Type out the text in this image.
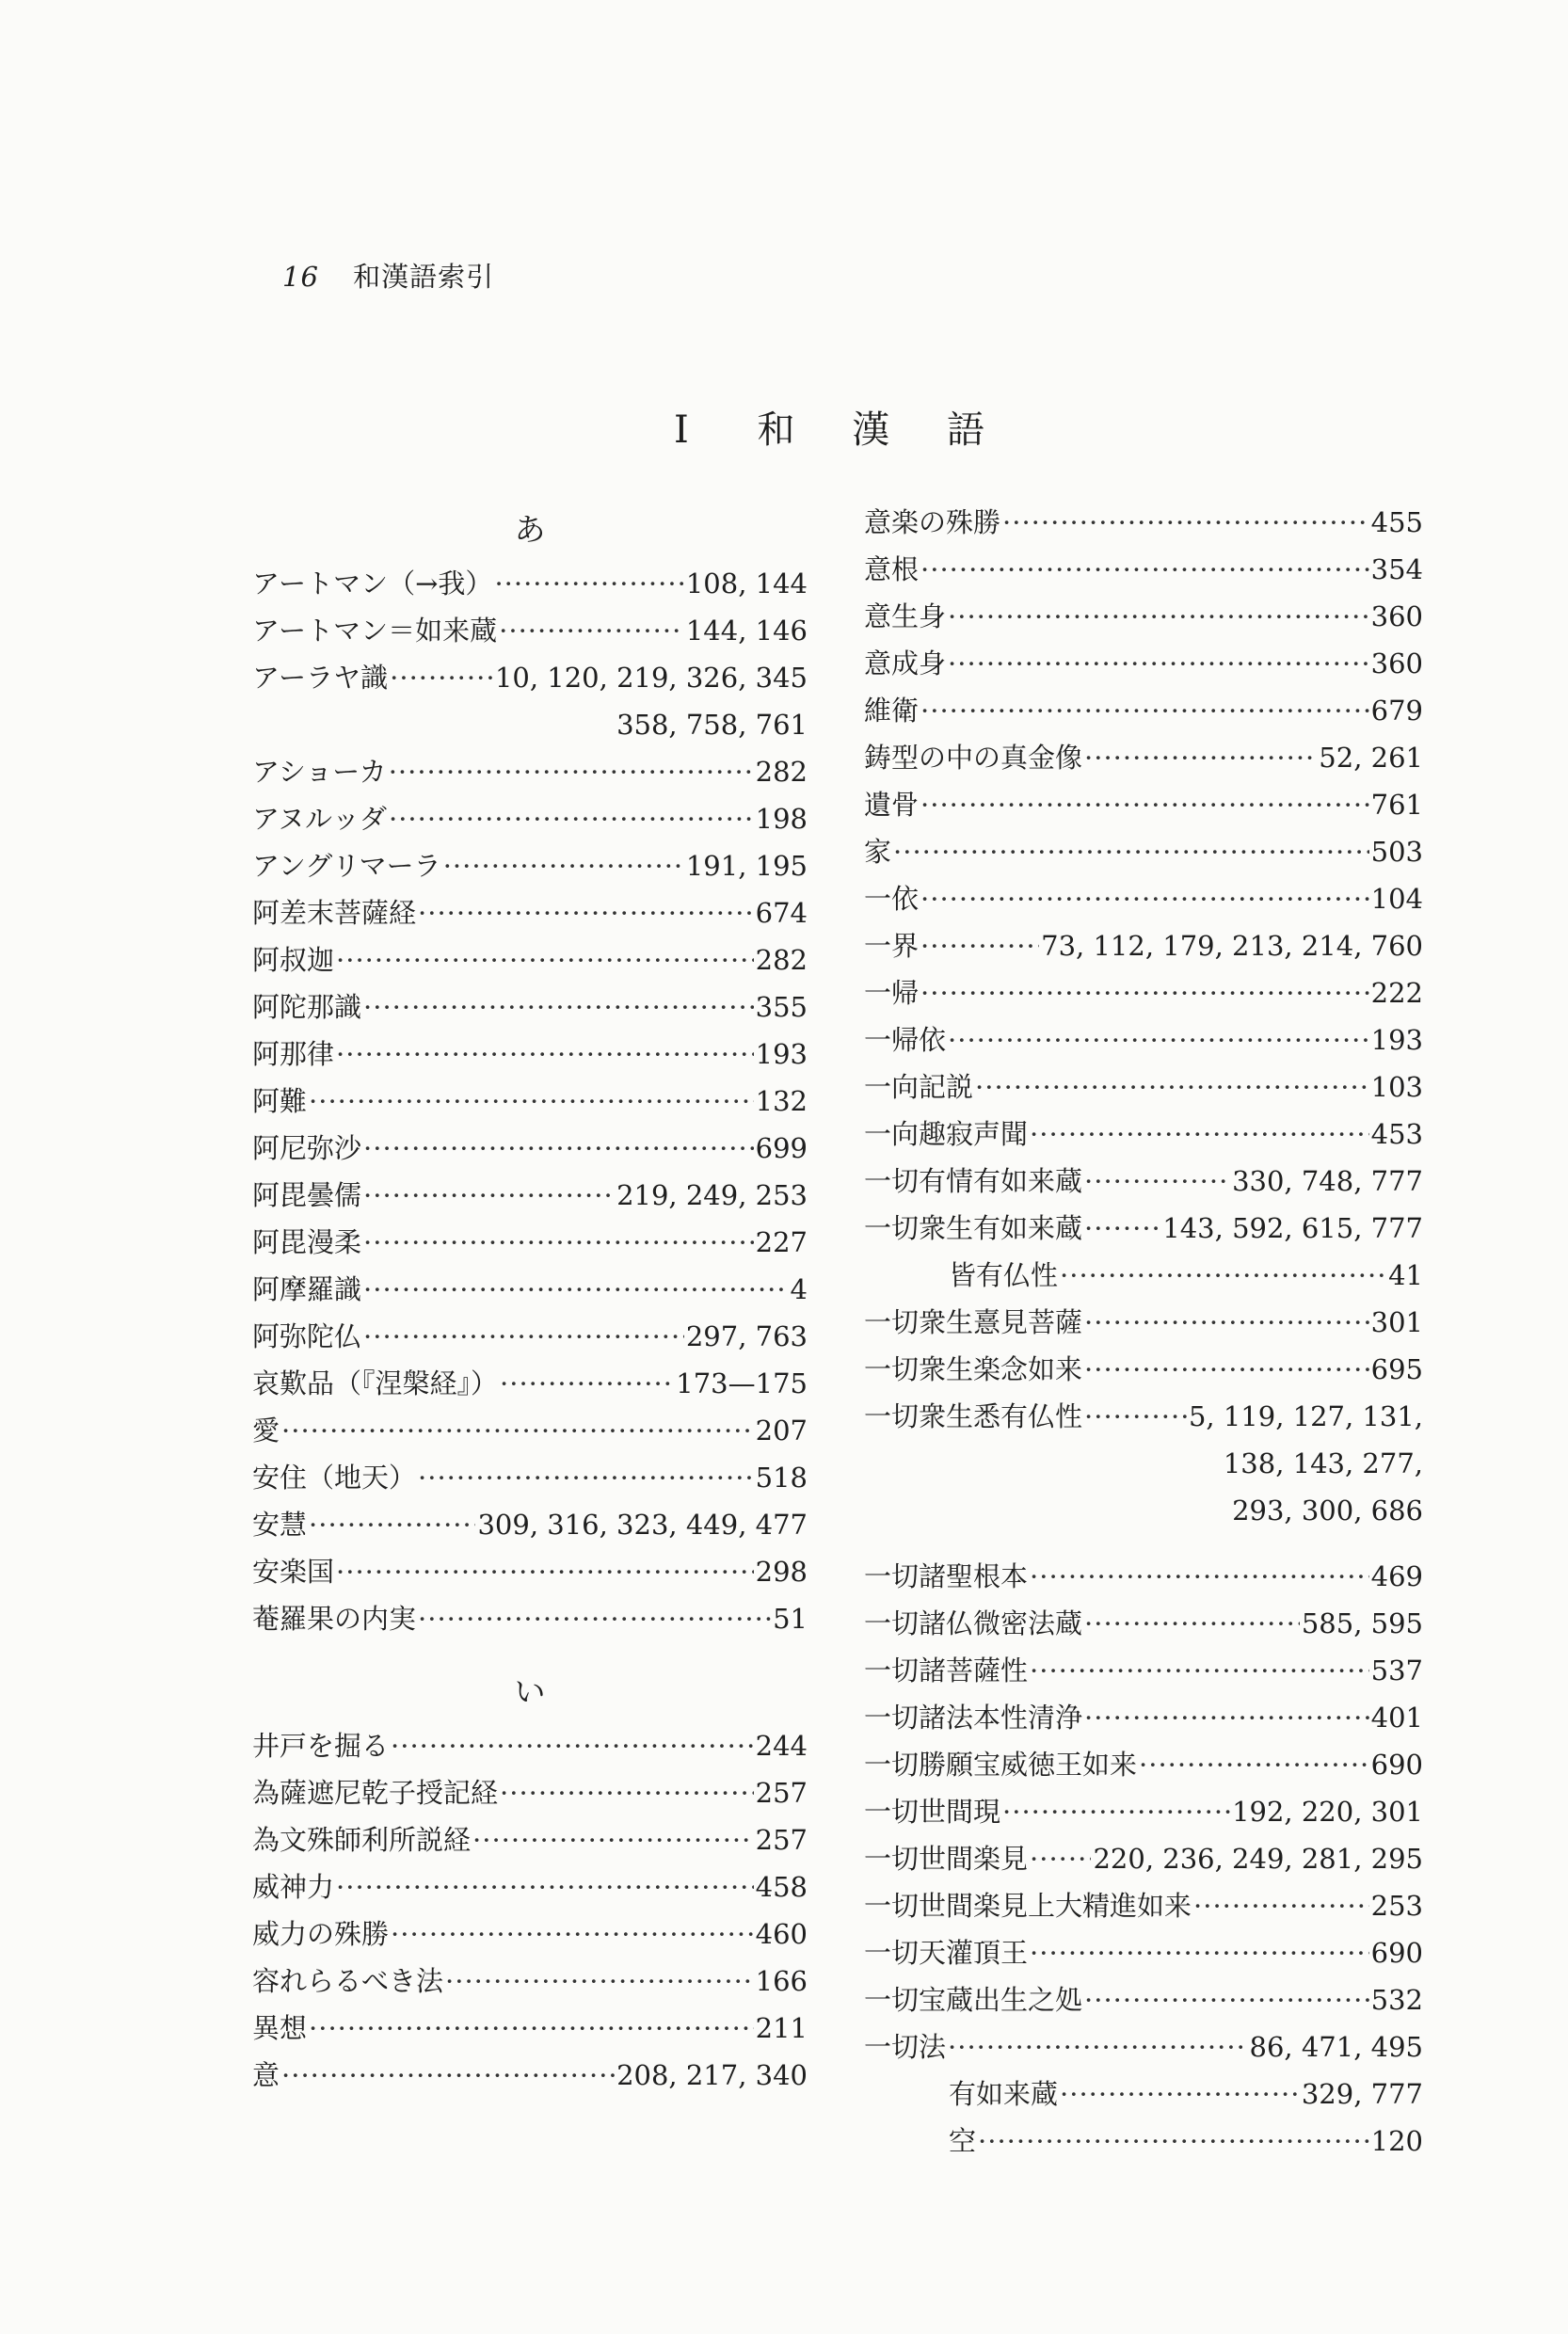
16 和漢語索引
I 和 漢 語
あ
アートマン（→我） ·····	108, 144
アートマン＝如来蔵 ·····	144, 146
アーラヤ識 ·····	10, 120, 219, 326, 345
358, 758, 761
アショーカ ·····	282
アヌルッダ ·····	198
アングリマーラ ·····	191, 195
阿差末菩薩経 ·····	674
阿叔迦 ·····	282
阿陀那識 ·····	355
阿那律 ·····	193
阿難 ·····	132
阿尼弥沙 ·····	699
阿毘曇儒 ·····	219, 249, 253
阿毘漫柔 ·····	227
阿摩羅識 ·····	4
阿弥陀仏 ·····	297, 763
哀歎品（『涅槃経』） ·····	173—175
愛 ·····	207
安住（地天） ·····	518
安慧 ·····	309, 316, 323, 449, 477
安楽国 ·····	298
菴羅果の内実 ·····	51
い
井戸を掘る ·····	244
為薩遮尼乾子授記経 ·····	257
為文殊師利所説経 ·····	257
威神力 ·····	458
威力の殊勝 ·····	460
容れらるべき法 ·····	166
異想 ·····	211
意 ·····	208, 217, 340
意楽の殊勝 ·····	455
意根 ·····	354
意生身 ·····	360
意成身 ·····	360
維衛 ·····	679
鋳型の中の真金像 ·····	52, 261
遺骨 ·····	761
家 ·····	503
一依 ·····	104
一界 ·····	73, 112, 179, 213, 214, 760
一帰 ·····	222
一帰依 ·····	193
一向記説 ·····	103
一向趣寂声聞 ·····	453
一切有情有如来蔵 ·····	330, 748, 777
一切衆生有如来蔵 ·····	143, 592, 615, 777
皆有仏性 ·····	41
一切衆生憙見菩薩 ·····	301
一切衆生楽念如来 ·····	695
一切衆生悉有仏性 ·····	5, 119, 127, 131,
138, 143, 277,
293, 300, 686
一切諸聖根本 ·····	469
一切諸仏微密法蔵 ·····	585, 595
一切諸菩薩性 ·····	537
一切諸法本性清浄 ·····	401
一切勝願宝威徳王如来 ·····	690
一切世間現 ·····	192, 220, 301
一切世間楽見 ····· 220, 236, 249, 281, 295
一切世間楽見上大精進如来 ·····	253
一切天灌頂王 ·····	690
一切宝蔵出生之処 ·····	532
一切法 ·····	86, 471, 495
有如来蔵 ·····	329, 777
空 ·····	120
